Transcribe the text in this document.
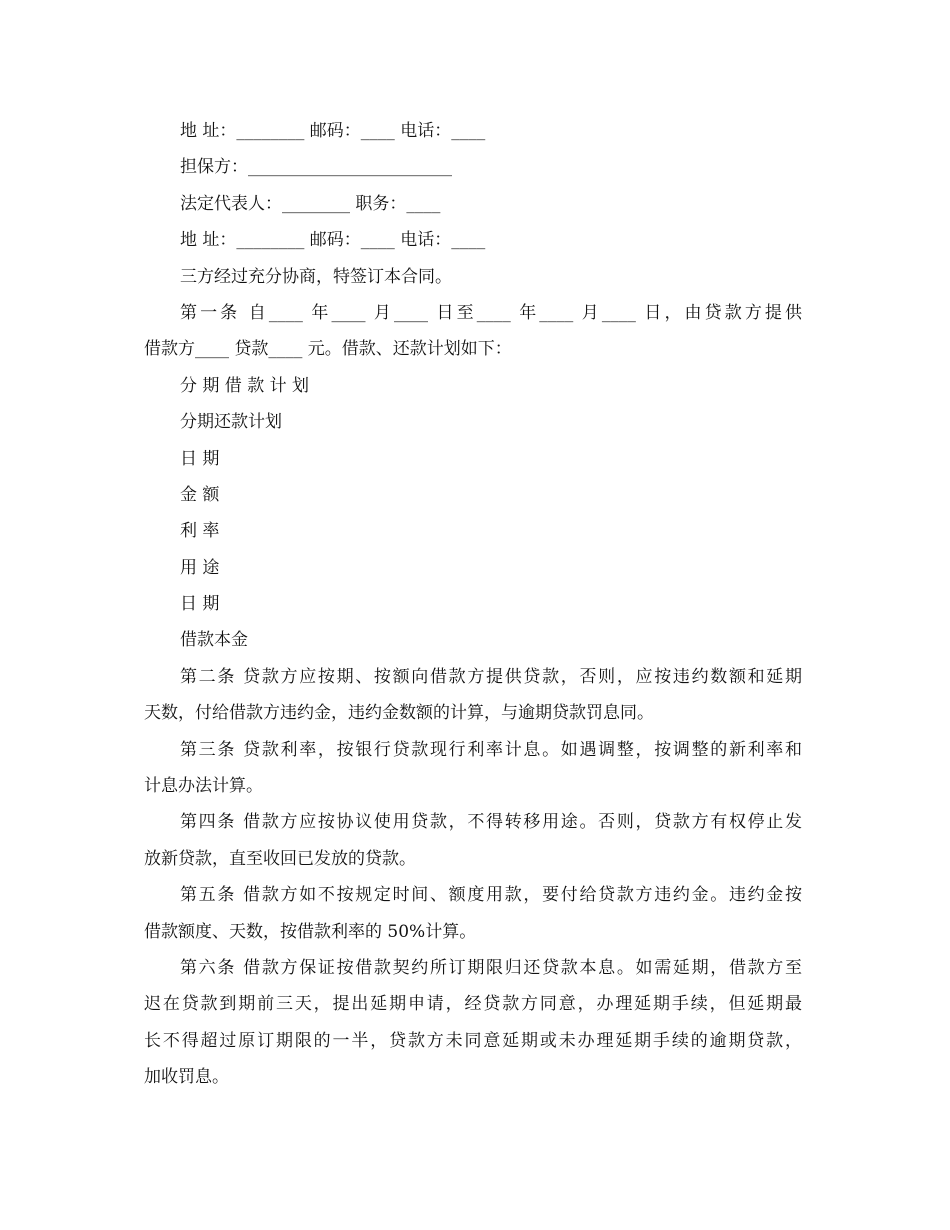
地 址：________ 邮码：____ 电话：____
担保方：________________________
法定代表人：________ 职务：____
地 址：________ 邮码：____ 电话：____
三方经过充分协商，特签订本合同。
第一条 自____ 年____ 月____ 日至____ 年____ 月____ 日，由贷款方提供
借款方____ 贷款____ 元。借款、还款计划如下：
分 期 借 款 计 划
分期还款计划
日 期
金 额
利 率
用 途
日 期
借款本金
第二条 贷款方应按期、按额向借款方提供贷款，否则，应按违约数额和延期
天数，付给借款方违约金，违约金数额的计算，与逾期贷款罚息同。
第三条 贷款利率，按银行贷款现行利率计息。如遇调整，按调整的新利率和
计息办法计算。
第四条 借款方应按协议使用贷款，不得转移用途。否则，贷款方有权停止发
放新贷款，直至收回已发放的贷款。
第五条 借款方如不按规定时间、额度用款，要付给贷款方违约金。违约金按
借款额度、天数，按借款利率的 50%计算。
第六条 借款方保证按借款契约所订期限归还贷款本息。如需延期，借款方至
迟在贷款到期前三天，提出延期申请，经贷款方同意，办理延期手续，但延期最
长不得超过原订期限的一半，贷款方未同意延期或未办理延期手续的逾期贷款，
加收罚息。
